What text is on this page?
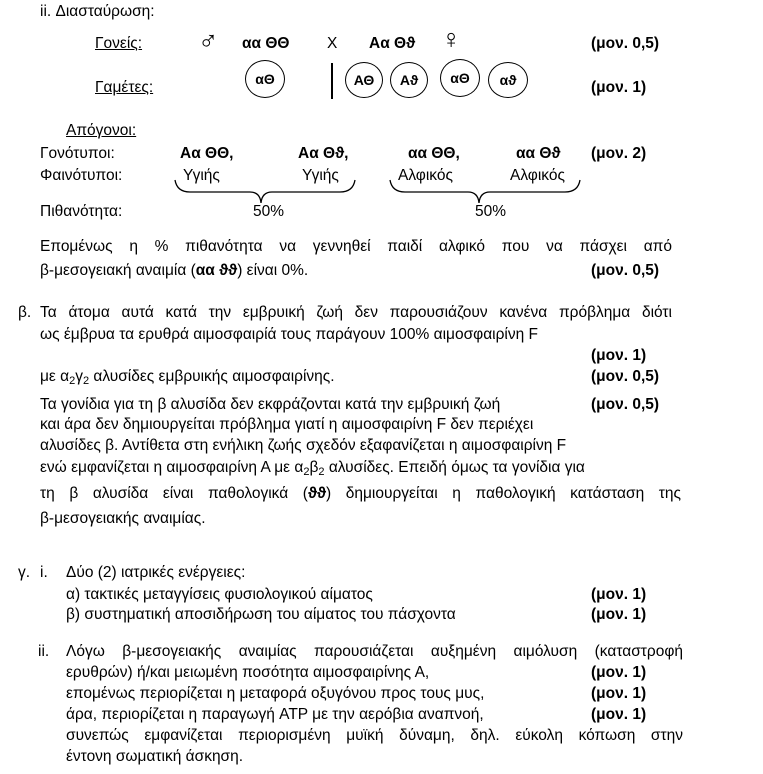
ii. Διασταύρωση:
Γονείς: ♂ αα ΘΘ X Αα Θϑ ♀	(μον. 0,5)
Γαμέτες:	αΘ	ΑΘ	Αϑ	αΘ	αϑ	(μον. 1)
Απόγονοι:
Γονότυποι:	Αα ΘΘ,	Αα Θϑ,	αα ΘΘ,	αα Θϑ (μον. 2)
Φαινότυποι:	Υγιής	Υγιής	Αλφικός	Αλφικός
Πιθανότητα:	50%	50%
Επομένως η % πιθανότητα να γεννηθεί παιδί αλφικό που να πάσχει από
β-μεσογειακή αναιμία (αα ϑϑ) είναι 0%.	(μον. 0,5)
β. Τα άτομα αυτά κατά την εμβρυική ζωή δεν παρουσιάζουν κανένα πρόβλημα διότι
ως έμβρυα τα ερυθρά αιμοσφαιρίά τους παράγουν 100% αιμοσφαιρίνη F
(μον. 1)
με $\alpha_2\gamma_2$ αλυσίδες εμβρυικής αιμοσφαιρίνης.	(μον. 0,5)
Τα γονίδια για τη β αλυσίδα δεν εκφράζονται κατά την εμβρυική ζωή	(μον. 0,5)
και άρα δεν δημιουργείται πρόβλημα γιατί η αιμοσφαιρίνη F δεν περιέχει
αλυσίδες β. Αντίθετα στη ενήλικη ζωής σχεδόν εξαφανίζεται η αιμοσφαιρίνη F
ενώ εμφανίζεται η αιμοσφαιρίνη Α με $\alpha_2\beta_2$ αλυσίδες. Επειδή όμως τα γονίδια για
τη β αλυσίδα είναι παθολογικά (ϑϑ) δημιουργείται η παθολογική κατάσταση της
β-μεσογειακής αναιμίας.
γ. i. Δύο (2) ιατρικές ενέργειες:
α) τακτικές μεταγγίσεις φυσιολογικού αίματος	(μον. 1)
β) συστηματική αποσιδήρωση του αίματος του πάσχοντα	(μον. 1)
ii. Λόγω β-μεσογειακής αναιμίας παρουσιάζεται αυξημένη αιμόλυση (καταστροφή
ερυθρών) ή/και μειωμένη ποσότητα αιμοσφαιρίνης Α,	(μον. 1)
επομένως περιορίζεται η μεταφορά οξυγόνου προς τους μυς,	(μον. 1)
άρα, περιορίζεται η παραγωγή ATP με την αερόβια αναπνοή,	(μον. 1)
συνεπώς εμφανίζεται περιορισμένη μυϊκή δύναμη, δηλ. εύκολη κόπωση στην
έντονη σωματική άσκηση.
